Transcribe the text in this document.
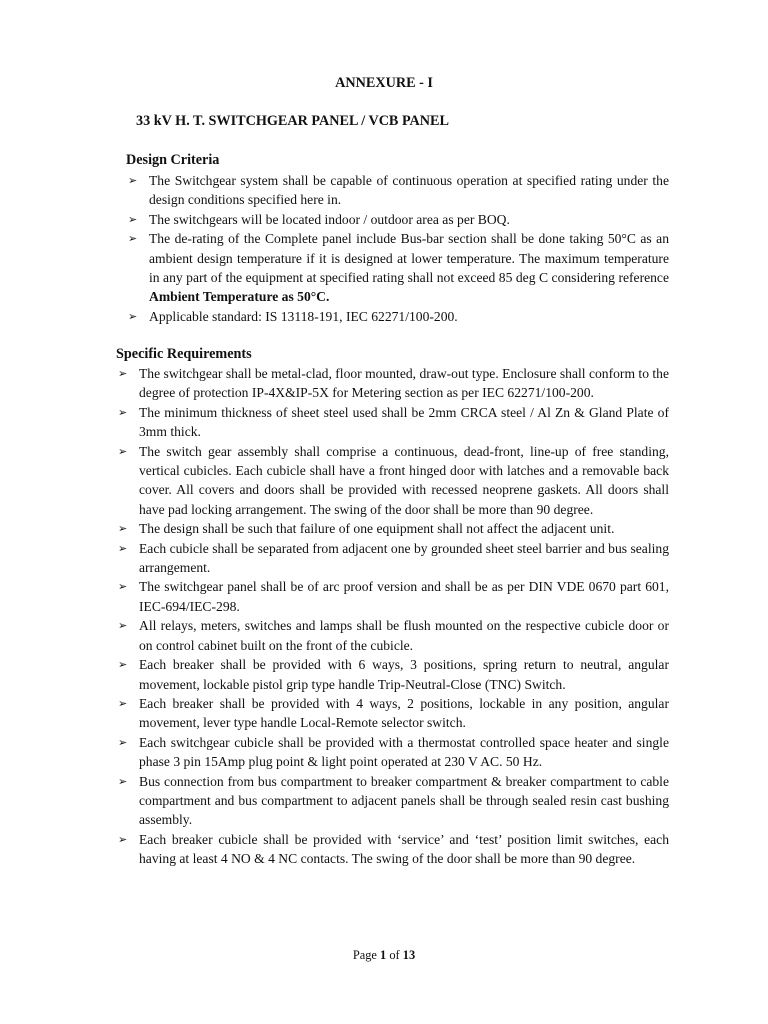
ANNEXURE - I
33 kV H. T. SWITCHGEAR PANEL / VCB PANEL
Design Criteria
➢ The Switchgear system shall be capable of continuous operation at specified rating under the design conditions specified here in.
➢ The switchgears will be located indoor / outdoor area as per BOQ.
➢ The de-rating of the Complete panel include Bus-bar section shall be done taking 50°C as an ambient design temperature if it is designed at lower temperature. The maximum temperature in any part of the equipment at specified rating shall not exceed 85 deg C considering reference Ambient Temperature as 50°C.
➢ Applicable standard: IS 13118-191, IEC 62271/100-200.
Specific Requirements
➢ The switchgear shall be metal-clad, floor mounted, draw-out type. Enclosure shall conform to the degree of protection IP-4X&IP-5X for Metering section as per IEC 62271/100-200.
➢ The minimum thickness of sheet steel used shall be 2mm CRCA steel / Al Zn & Gland Plate of 3mm thick.
➢ The switch gear assembly shall comprise a continuous, dead-front, line-up of free standing, vertical cubicles. Each cubicle shall have a front hinged door with latches and a removable back cover. All covers and doors shall be provided with recessed neoprene gaskets. All doors shall have pad locking arrangement. The swing of the door shall be more than 90 degree.
➢ The design shall be such that failure of one equipment shall not affect the adjacent unit.
➢ Each cubicle shall be separated from adjacent one by grounded sheet steel barrier and bus sealing arrangement.
➢ The switchgear panel shall be of arc proof version and shall be as per DIN VDE 0670 part 601, IEC-694/IEC-298.
➢ All relays, meters, switches and lamps shall be flush mounted on the respective cubicle door or on control cabinet built on the front of the cubicle.
➢ Each breaker shall be provided with 6 ways, 3 positions, spring return to neutral, angular movement, lockable pistol grip type handle Trip-Neutral-Close (TNC) Switch.
➢ Each breaker shall be provided with 4 ways, 2 positions, lockable in any position, angular movement, lever type handle Local-Remote selector switch.
➢ Each switchgear cubicle shall be provided with a thermostat controlled space heater and single phase 3 pin 15Amp plug point & light point operated at 230 V AC. 50 Hz.
➢ Bus connection from bus compartment to breaker compartment & breaker compartment to cable compartment and bus compartment to adjacent panels shall be through sealed resin cast bushing assembly.
➢ Each breaker cubicle shall be provided with ‘service’ and ‘test’ position limit switches, each having at least 4 NO & 4 NC contacts. The swing of the door shall be more than 90 degree.
Page 1 of 13
